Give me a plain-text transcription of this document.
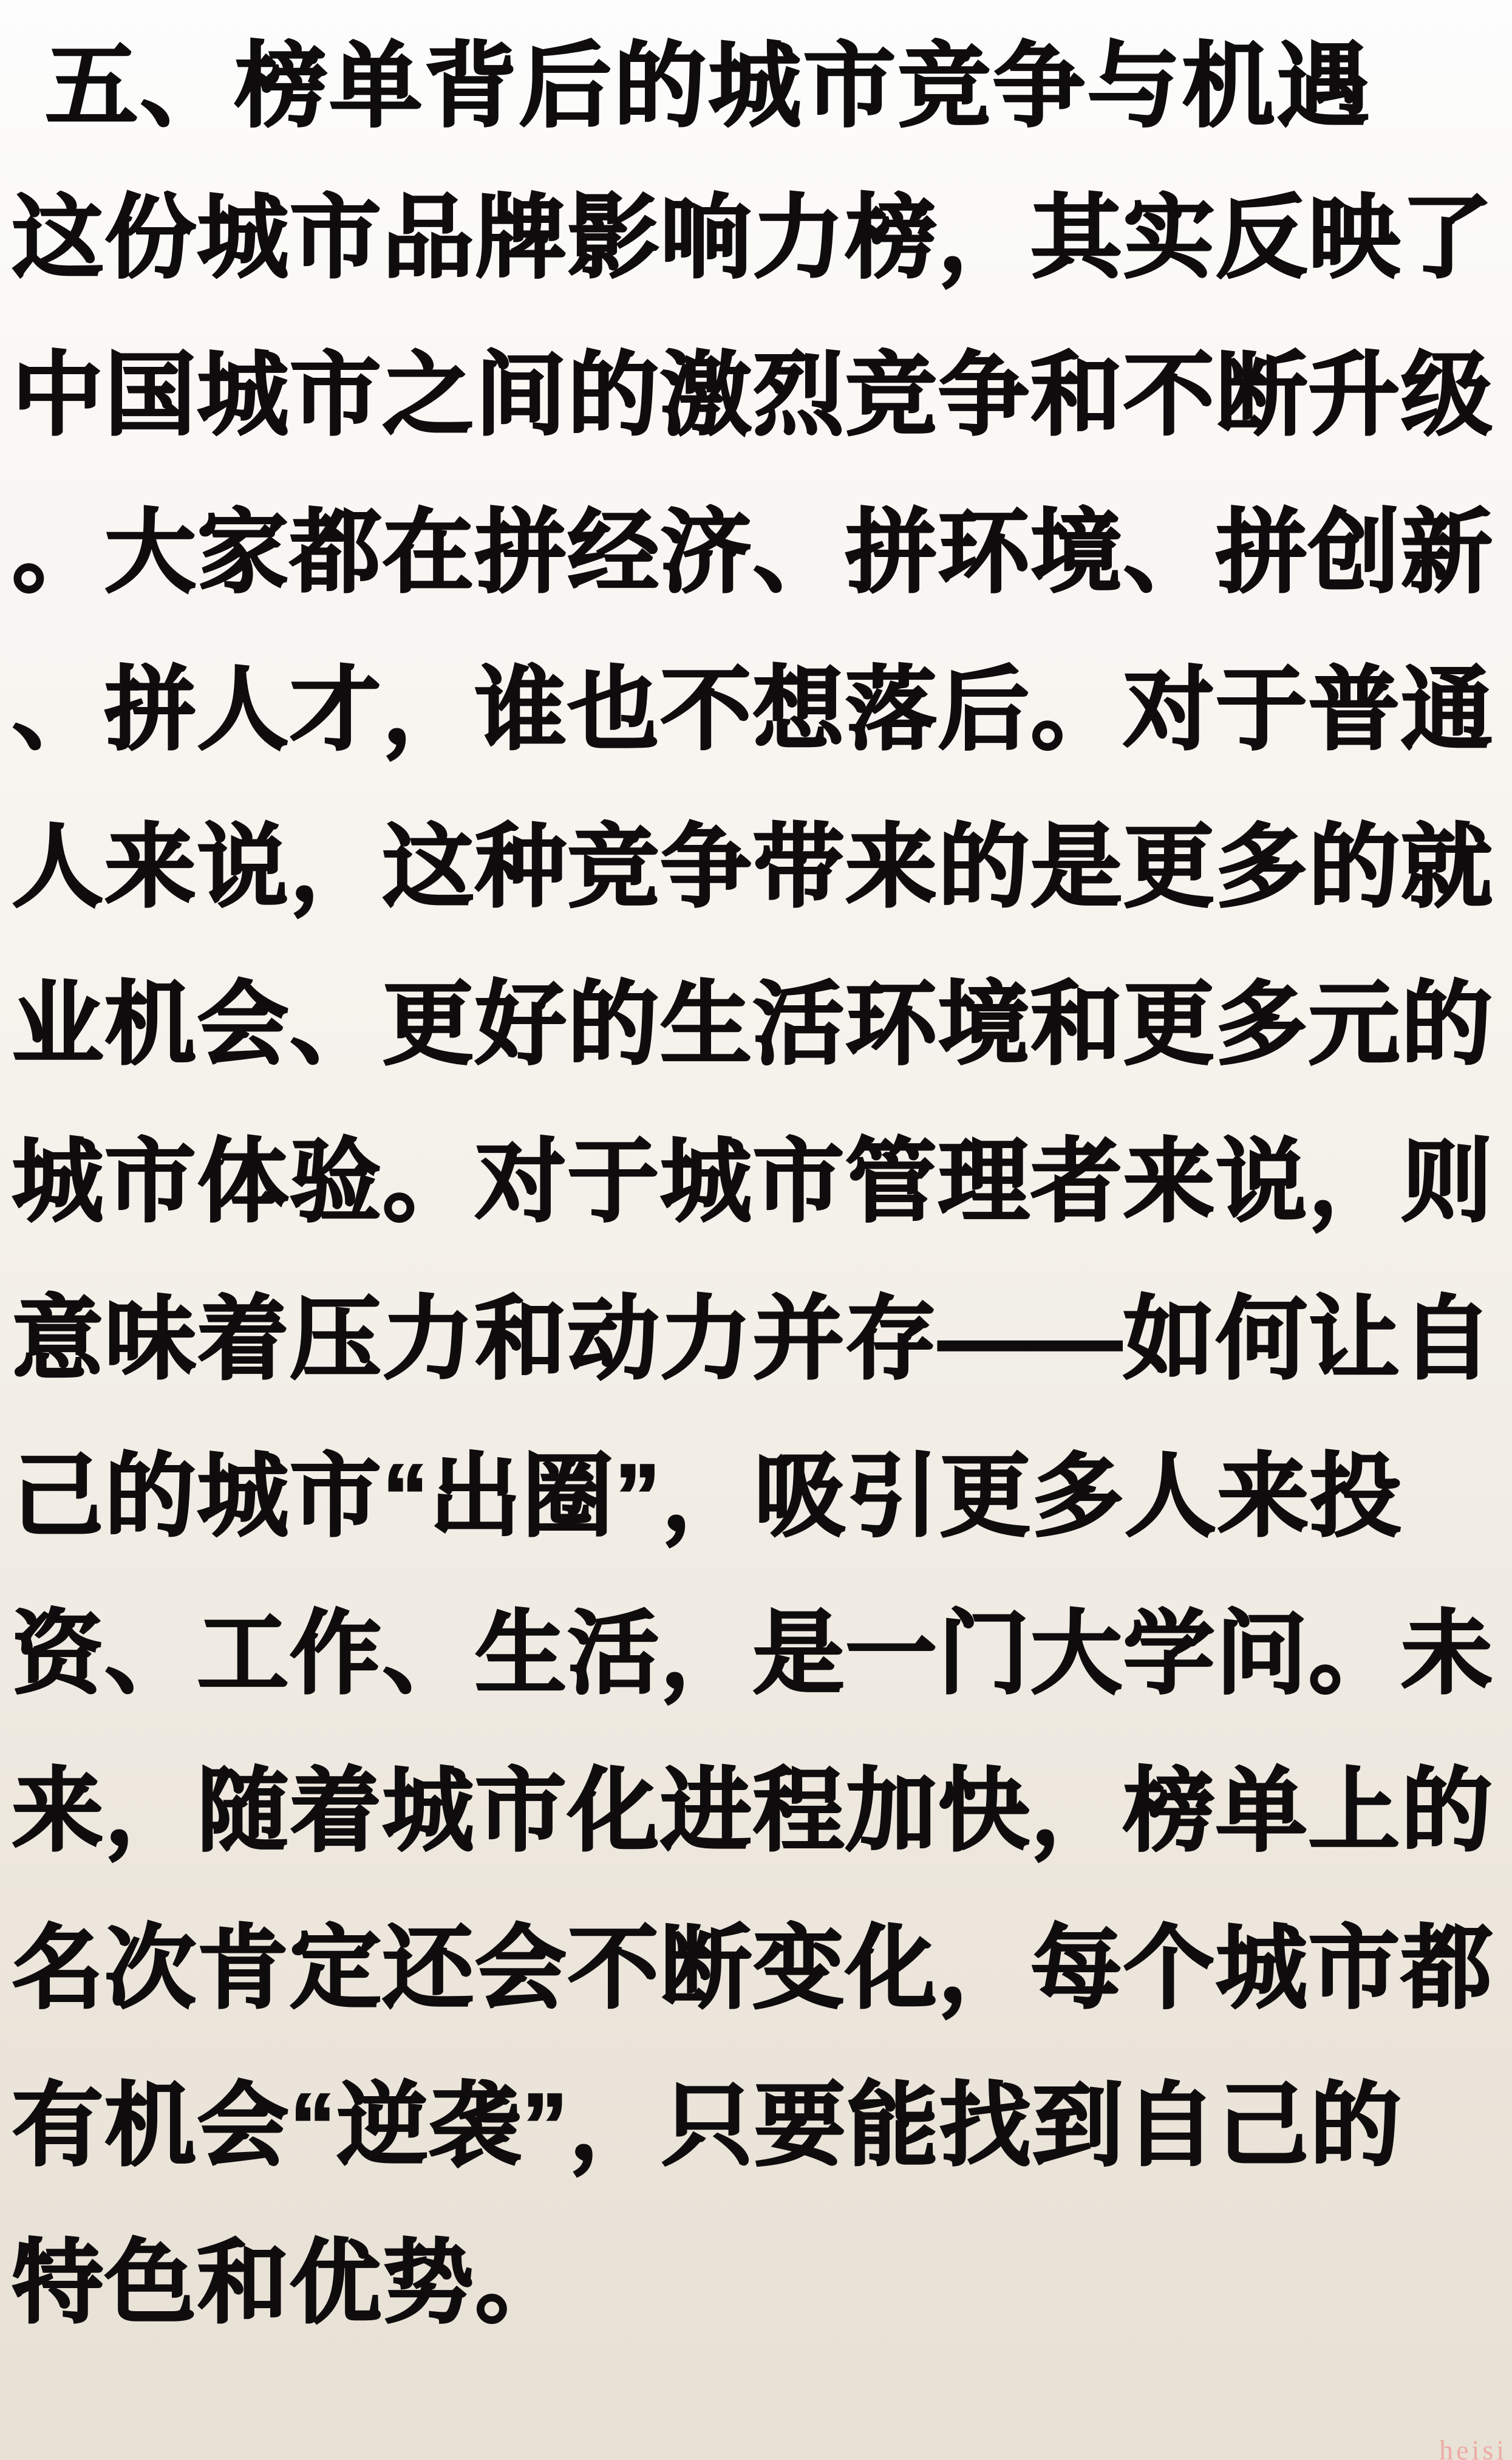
五、榜单背后的城市竞争与机遇
这份城市品牌影响力榜，其实反映了
中国城市之间的激烈竞争和不断升级
。大家都在拼经济、拼环境、拼创新
、拼人才，谁也不想落后。对于普通
人来说，这种竞争带来的是更多的就
业机会、更好的生活环境和更多元的
城市体验。对于城市管理者来说，则
意味着压力和动力并存——如何让自
己的城市“出圈”，吸引更多人来投
资、工作、生活，是一门大学问。未
来，随着城市化进程加快，榜单上的
名次肯定还会不断变化，每个城市都
有机会“逆袭”，只要能找到自己的
特色和优势。
heisi
